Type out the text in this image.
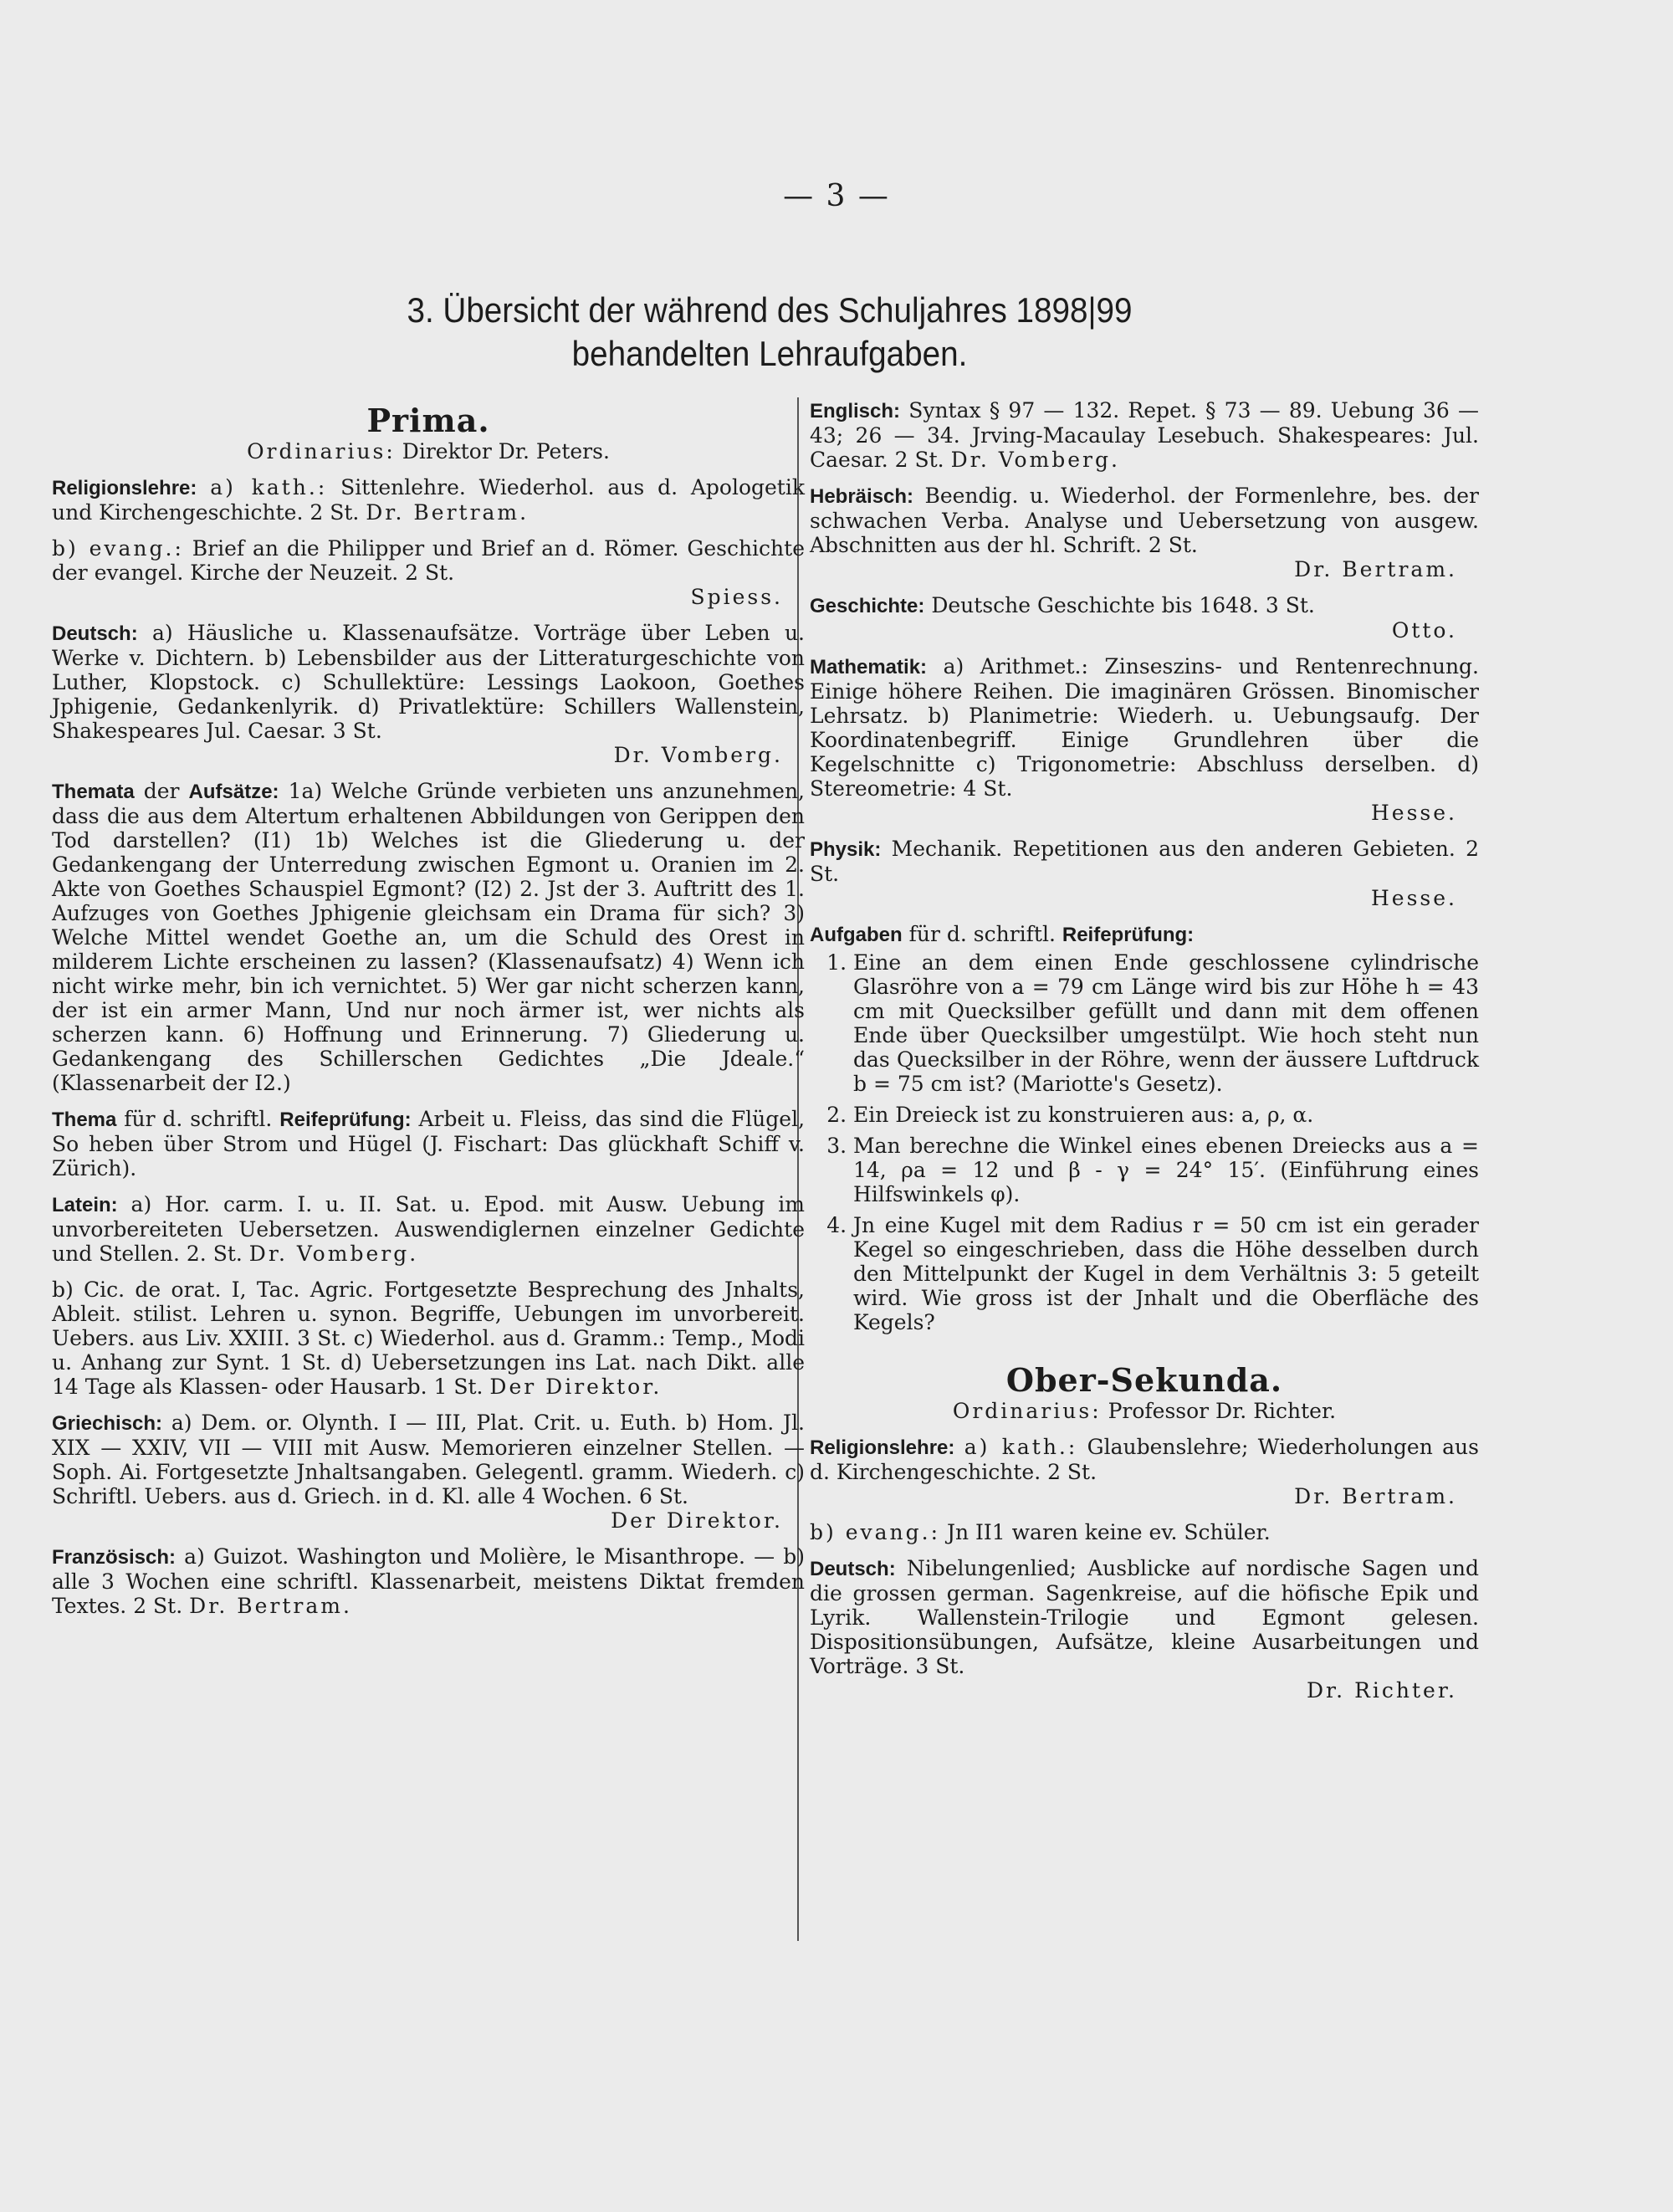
— 3 —
3. Übersicht der während des Schuljahres 1898|99
behandelten Lehraufgaben.
Prima.
Ordinarius: Direktor Dr. Peters.
Religionslehre: a) kath.: Sittenlehre. Wiederhol. aus d. Apologetik und Kirchengeschichte. 2 St. Dr. Bertram.
b) evang.: Brief an die Philipper und Brief an d. Römer. Geschichte der evangel. Kirche der Neuzeit. 2 St.
Spiess.
Deutsch: a) Häusliche u. Klassenaufsätze. Vorträge über Leben u. Werke v. Dichtern. b) Lebensbilder aus der Litteraturgeschichte von Luther, Klopstock. c) Schullektüre: Lessings Laokoon, Goethes Jphigenie, Gedankenlyrik. d) Privatlektüre: Schillers Wallenstein, Shakespeares Jul. Caesar. 3 St.
Dr. Vomberg.
Themata der Aufsätze: 1a) Welche Gründe verbieten uns anzunehmen, dass die aus dem Altertum erhaltenen Abbildungen von Gerippen den Tod darstellen? (I1) 1b) Welches ist die Gliederung u. der Gedankengang der Unterredung zwischen Egmont u. Oranien im 2. Akte von Goethes Schauspiel Egmont? (I2) 2. Jst der 3. Auftritt des 1. Aufzuges von Goethes Jphigenie gleichsam ein Drama für sich? 3) Welche Mittel wendet Goethe an, um die Schuld des Orest in milderem Lichte erscheinen zu lassen? (Klassenaufsatz) 4) Wenn ich nicht wirke mehr, bin ich vernichtet. 5) Wer gar nicht scherzen kann, der ist ein armer Mann, Und nur noch ärmer ist, wer nichts als scherzen kann. 6) Hoffnung und Erinnerung. 7) Gliederung u. Gedankengang des Schillerschen Gedichtes „Die Jdeale.“ (Klassenarbeit der I2.)
Thema für d. schriftl. Reifeprüfung: Arbeit u. Fleiss, das sind die Flügel, So heben über Strom und Hügel (J. Fischart: Das glückhaft Schiff v. Zürich).
Latein: a) Hor. carm. I. u. II. Sat. u. Epod. mit Ausw. Uebung im unvorbereiteten Uebersetzen. Auswendiglernen einzelner Gedichte und Stellen. 2. St. Dr. Vomberg.
b) Cic. de orat. I, Tac. Agric. Fortgesetzte Besprechung des Jnhalts, Ableit. stilist. Lehren u. synon. Begriffe, Uebungen im unvorbereit. Uebers. aus Liv. XXIII. 3 St. c) Wiederhol. aus d. Gramm.: Temp., Modi u. Anhang zur Synt. 1 St. d) Uebersetzungen ins Lat. nach Dikt. alle 14 Tage als Klassen- oder Hausarb. 1 St. Der Direktor.
Griechisch: a) Dem. or. Olynth. I — III, Plat. Crit. u. Euth. b) Hom. Jl. XIX — XXIV, VII — VIII mit Ausw. Memorieren einzelner Stellen. — Soph. Ai. Fortgesetzte Jnhaltsangaben. Gelegentl. gramm. Wiederh. c) Schriftl. Uebers. aus d. Griech. in d. Kl. alle 4 Wochen. 6 St.
Der Direktor.
Französisch: a) Guizot. Washington und Molière, le Misanthrope. — b) alle 3 Wochen eine schriftl. Klassenarbeit, meistens Diktat fremden Textes. 2 St. Dr. Bertram.
Englisch: Syntax § 97 — 132. Repet. § 73 — 89. Uebung 36 — 43; 26 — 34. Jrving-Macaulay Lesebuch. Shakespeares: Jul. Caesar. 2 St. Dr. Vomberg.
Hebräisch: Beendig. u. Wiederhol. der Formenlehre, bes. der schwachen Verba. Analyse und Uebersetzung von ausgew. Abschnitten aus der hl. Schrift. 2 St.
Dr. Bertram.
Geschichte: Deutsche Geschichte bis 1648. 3 St.
Otto.
Mathematik: a) Arithmet.: Zinseszins- und Rentenrechnung. Einige höhere Reihen. Die imaginären Grössen. Binomischer Lehrsatz. b) Planimetrie: Wiederh. u. Uebungsaufg. Der Koordinatenbegriff. Einige Grundlehren über die Kegelschnitte c) Trigonometrie: Abschluss derselben. d) Stereometrie: 4 St.
Hesse.
Physik: Mechanik. Repetitionen aus den anderen Gebieten. 2 St.
Hesse.
Aufgaben für d. schriftl. Reifeprüfung:
1. Eine an dem einen Ende geschlossene cylindrische Glasröhre von a = 79 cm Länge wird bis zur Höhe h = 43 cm mit Quecksilber gefüllt und dann mit dem offenen Ende über Quecksilber umgestülpt. Wie hoch steht nun das Quecksilber in der Röhre, wenn der äussere Luftdruck b = 75 cm ist? (Mariotte's Gesetz).
2. Ein Dreieck ist zu konstruieren aus: a, ρ, α.
3. Man berechne die Winkel eines ebenen Dreiecks aus a = 14, ρa = 12 und β - γ = 24° 15′. (Einführung eines Hilfswinkels φ).
4. Jn eine Kugel mit dem Radius r = 50 cm ist ein gerader Kegel so eingeschrieben, dass die Höhe desselben durch den Mittelpunkt der Kugel in dem Verhältnis 3: 5 geteilt wird. Wie gross ist der Jnhalt und die Oberfläche des Kegels?
Ober-Sekunda.
Ordinarius: Professor Dr. Richter.
Religionslehre: a) kath.: Glaubenslehre; Wiederholungen aus d. Kirchengeschichte. 2 St.
Dr. Bertram.
b) evang.: Jn II1 waren keine ev. Schüler.
Deutsch: Nibelungenlied; Ausblicke auf nordische Sagen und die grossen german. Sagenkreise, auf die höfische Epik und Lyrik. Wallenstein-Trilogie und Egmont gelesen. Dispositionsübungen, Aufsätze, kleine Ausarbeitungen und Vorträge. 3 St.
Dr. Richter.
